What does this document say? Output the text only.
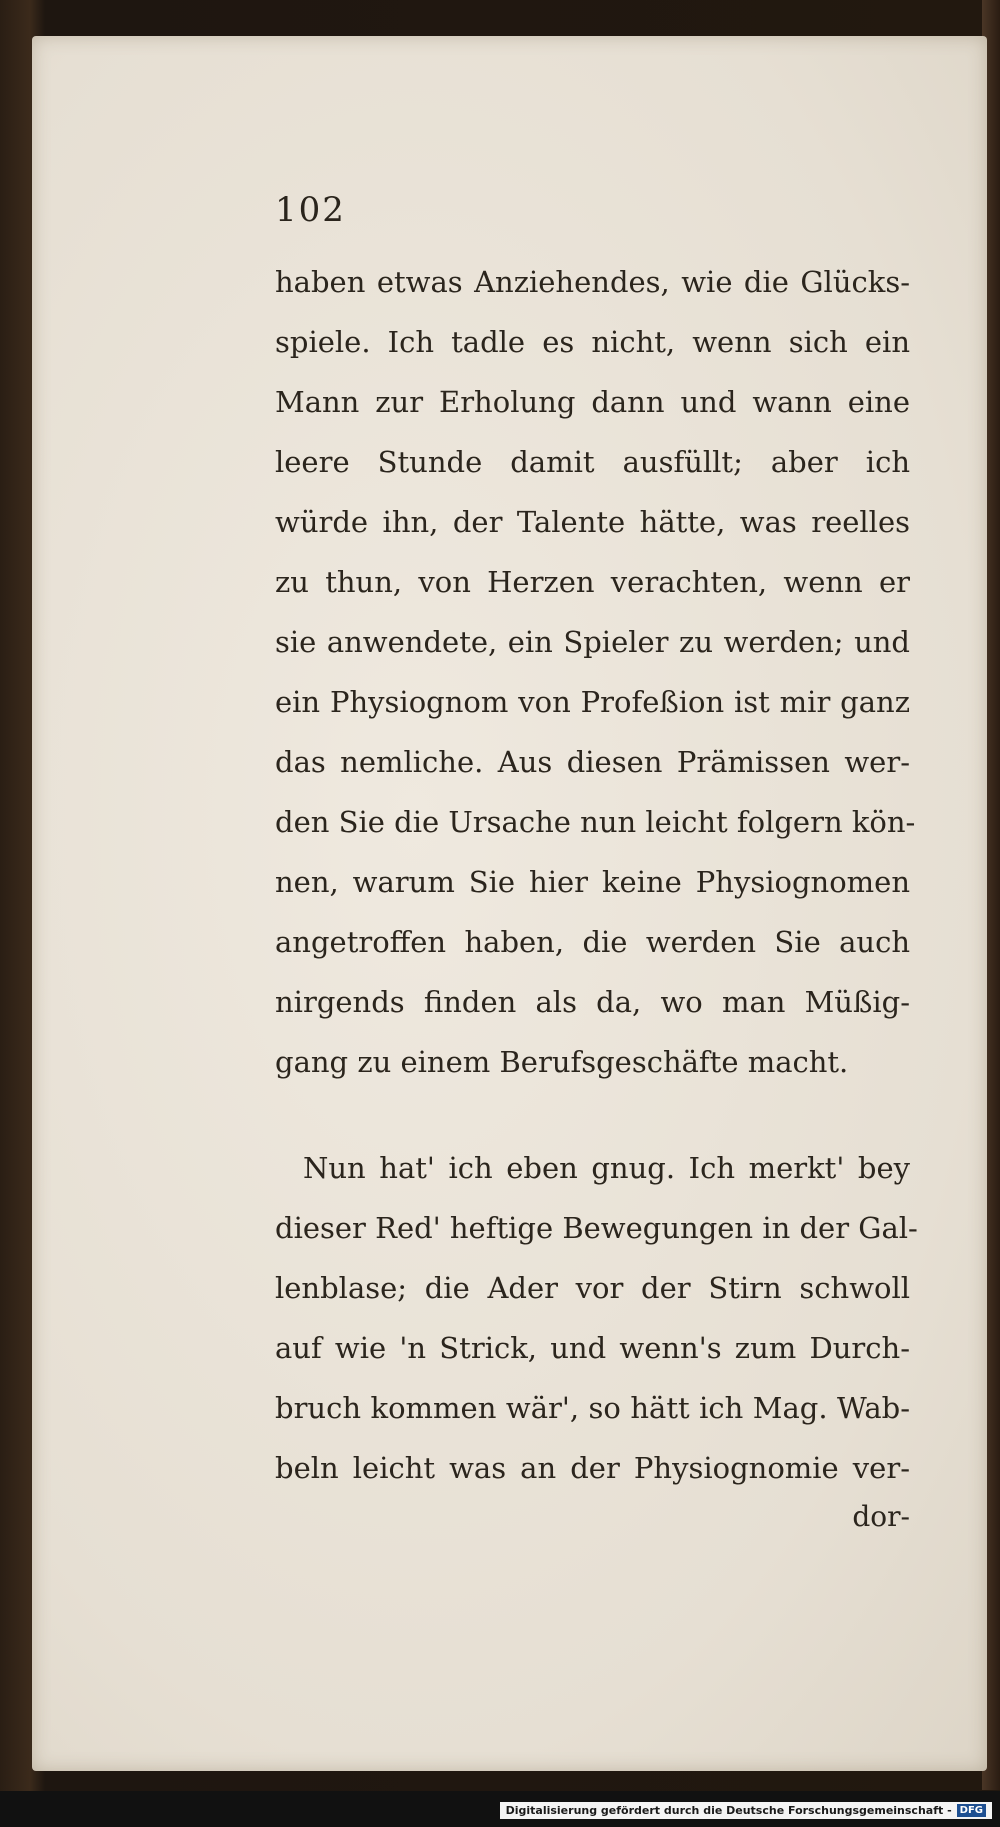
102
haben etwas Anziehendes, wie die Glücks-
spiele. Ich tadle es nicht, wenn sich ein
Mann zur Erholung dann und wann eine
leere Stunde damit ausfüllt; aber ich
würde ihn, der Talente hätte, was reelles
zu thun, von Herzen verachten, wenn er
sie anwendete, ein Spieler zu werden; und
ein Physiognom von Profeßion ist mir ganz
das nemliche. Aus diesen Prämissen wer-
den Sie die Ursache nun leicht folgern kön-
nen, warum Sie hier keine Physiognomen
angetroffen haben, die werden Sie auch
nirgends finden als da, wo man Müßig-
gang zu einem Berufsgeschäfte macht.
Nun hat' ich eben gnug. Ich merkt' bey
dieser Red' heftige Bewegungen in der Gal-
lenblase; die Ader vor der Stirn schwoll
auf wie 'n Strick, und wenn's zum Durch-
bruch kommen wär', so hätt ich Mag. Wab-
beln leicht was an der Physiognomie ver-
dor-
Digitalisierung gefördert durch die Deutsche Forschungsgemeinschaft - DFG
